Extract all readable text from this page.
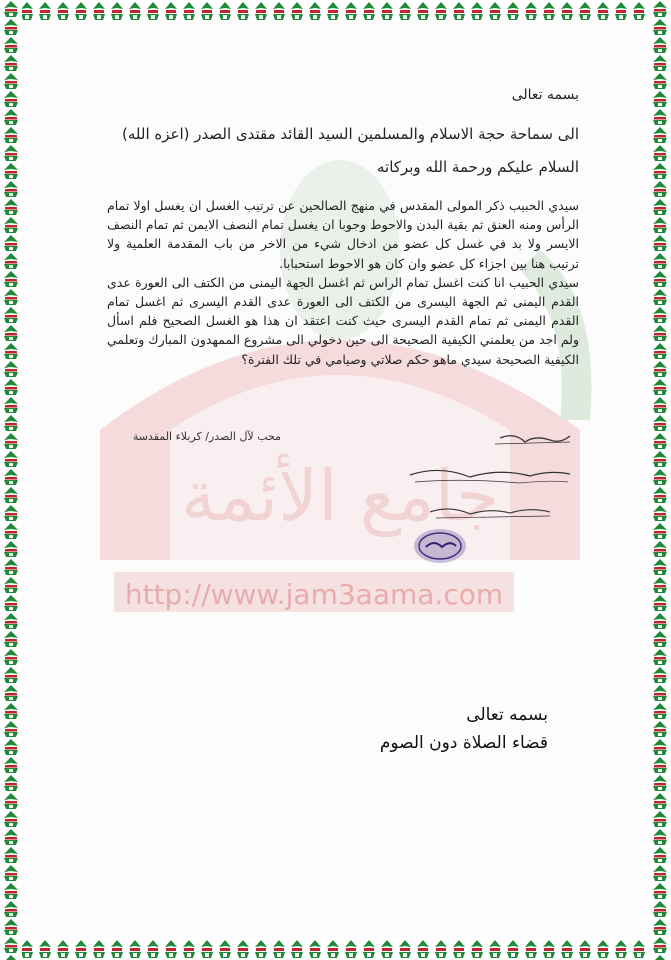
http://www.jam3aama.com
بسمه تعالى
الى سماحة حجة الاسلام والمسلمين السيد القائد مقتدى الصدر (اعزه الله)
السلام عليكم ورحمة الله وبركاته

سيدي الحبيب ذكر المولى المقدس في منهج الصالحين عن ترتيب الغسل ان يغسل اولا تمام الرأس ومنه العنق ثم بقية البدن والاحوط وجوبا ان يغسل تمام النصف الايمن ثم تمام النصف الايسر ولا بد في غسل كل عضو من ادخال شيء من الاخر من باب المقدمة العلمية ولا ترتيب هنا بين اجزاء كل عضو وان كان هو الاحوط استحبابا.

سيدي الحبيب انا كنت اغسل تمام الراس ثم اغسل الجهة اليمنى من الكتف الى العورة عدى القدم اليمنى ثم الجهة اليسرى من الكتف الى العورة عدى القدم اليسرى ثم اغسل تمام القدم اليمنى ثم تمام القدم اليسرى حيث كنت اعتقد ان هذا هو الغسل الصحيح فلم اسأل ولم اجد من يعلمني الكيفية الصحيحة الى حين دخولي الى مشروع الممهدون المبارك وتعلمي الكيفية الصحيحة سيدي ماهو حكم صلاتي وصيامي في تلك الفترة؟

محب لآل الصدر/ كربلاء المقدسة
بسمه تعالى
قضاء الصلاة دون الصوم
